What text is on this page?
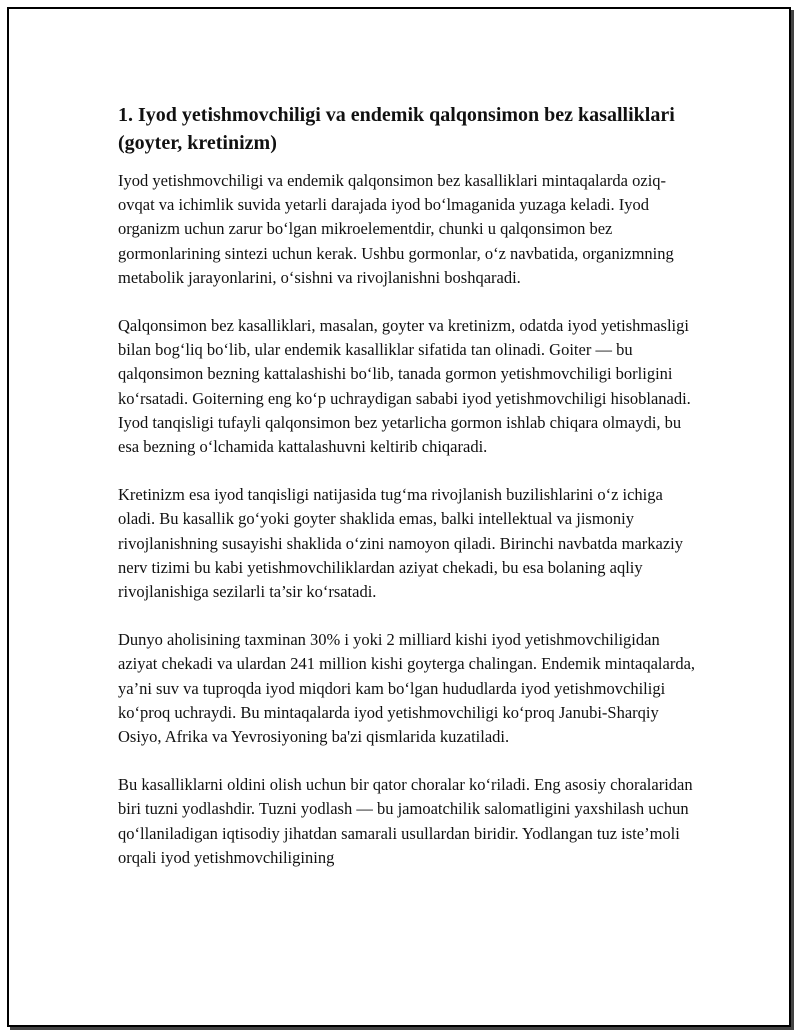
1. Iyod yetishmovchiligi va endemik qalqonsimon bez kasalliklari (goyter, kretinizm)

Iyod yetishmovchiligi va endemik qalqonsimon bez kasalliklari mintaqalarda oziq-ovqat va ichimlik suvida yetarli darajada iyod bo‘lmaganida yuzaga keladi. Iyod organizm uchun zarur bo‘lgan mikroelementdir, chunki u qalqonsimon bez gormonlarining sintezi uchun kerak. Ushbu gormonlar, o‘z navbatida, organizmning metabolik jarayonlarini, o‘sishni va rivojlanishni boshqaradi.

Qalqonsimon bez kasalliklari, masalan, goyter va kretinizm, odatda iyod yetishmasligi bilan bog‘liq bo‘lib, ular endemik kasalliklar sifatida tan olinadi. Goiter — bu qalqonsimon bezning kattalashishi bo‘lib, tanada gormon yetishmovchiligi borligini ko‘rsatadi. Goiterning eng ko‘p uchraydigan sababi iyod yetishmovchiligi hisoblanadi. Iyod tanqisligi tufayli qalqonsimon bez yetarlicha gormon ishlab chiqara olmaydi, bu esa bezning o‘lchamida kattalashuvni keltirib chiqaradi.

Kretinizm esa iyod tanqisligi natijasida tug‘ma rivojlanish buzilishlarini o‘z ichiga oladi. Bu kasallik go‘yoki goyter shaklida emas, balki intellektual va jismoniy rivojlanishning susayishi shaklida o‘zini namoyon qiladi. Birinchi navbatda markaziy nerv tizimi bu kabi yetishmovchiliklardan aziyat chekadi, bu esa bolaning aqliy rivojlanishiga sezilarli ta’sir ko‘rsatadi.

Dunyo aholisining taxminan 30% i yoki 2 milliard kishi iyod yetishmovchiligidan aziyat chekadi va ulardan 241 million kishi goyterga chalingan. Endemik mintaqalarda, ya’ni suv va tuproqda iyod miqdori kam bo‘lgan hududlarda iyod yetishmovchiligi ko‘proq uchraydi. Bu mintaqalarda iyod yetishmovchiligi ko‘proq Janubi-Sharqiy Osiyo, Afrika va Yevrosiyoning ba'zi qismlarida kuzatiladi.

Bu kasalliklarni oldini olish uchun bir qator choralar ko‘riladi. Eng asosiy choralaridan biri tuzni yodlashdir. Tuzni yodlash — bu jamoatchilik salomatligini yaxshilash uchun qo‘llaniladigan iqtisodiy jihatdan samarali usullardan biridir. Yodlangan tuz iste’moli orqali iyod yetishmovchiligining
